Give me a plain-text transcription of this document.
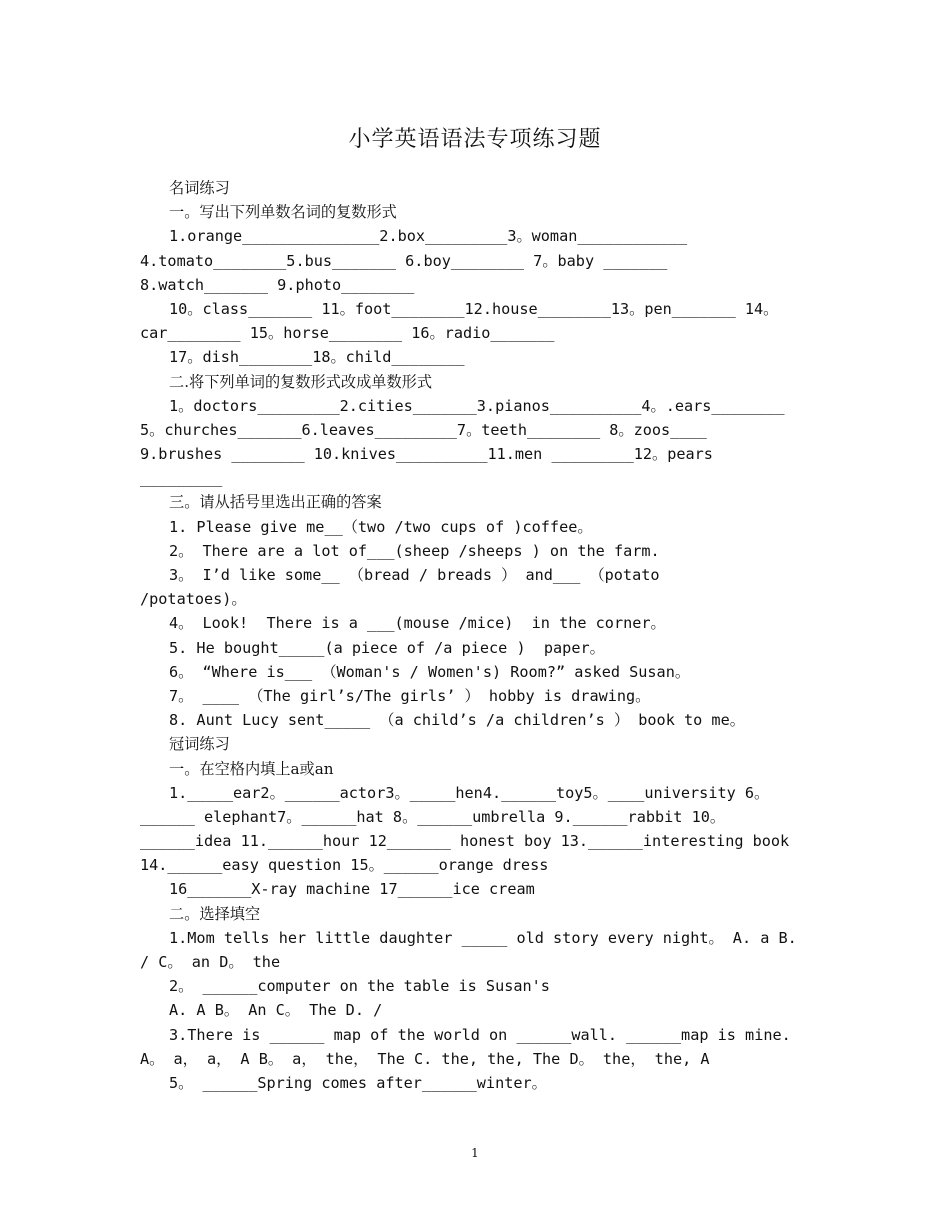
小学英语语法专项练习题
名词练习
一。写出下列单数名词的复数形式
1.orange_______________2.box_________3。woman____________
4.tomato________5.bus_______ 6.boy________ 7。baby _______
8.watch_______ 9.photo________
10。class_______ 11。foot________12.house________13。pen_______ 14。
car________ 15。horse________ 16。radio_______
17。dish________18。child________
二.将下列单词的复数形式改成单数形式
1。doctors_________2.cities_______3.pianos__________4。.ears________
5。churches_______6.leaves_________7。teeth________ 8。zoos____
9.brushes ________ 10.knives__________11.men _________12。pears
_________
三。请从括号里选出正确的答案
1. Please give me__（two /two cups of )coffee。
2。 There are a lot of___(sheep /sheeps ) on the farm.
3。 I’d like some__ （bread / breads ） and___ （potato
/potatoes)。
4。 Look!  There is a ___(mouse /mice)  in the corner。
5. He bought_____(a piece of /a piece )  paper。
6。 “Where is___ （Woman's / Women's) Room?” asked Susan。
7。 ____ （The girl’s/The girls’ ） hobby is drawing。
8. Aunt Lucy sent_____ （a child’s /a children’s ） book to me。
冠词练习
一。在空格内填上a或an
1._____ear2。______actor3。_____hen4.______toy5。____university 6。
______ elephant7。______hat 8。______umbrella 9.______rabbit 10。
______idea 11.______hour 12_______ honest boy 13.______interesting book
14.______easy question 15。______orange dress
16_______X-ray machine 17______ice cream
二。选择填空
1.Mom tells her little daughter _____ old story every night。 A. a B.
/ C。 an D。 the
2。 ______computer on the table is Susan's
A. A B。 An C。 The D. /
3.There is ______ map of the world on ______wall. ______map is mine.
A。 a， a， A B。 a， the， The C. the, the, The D。 the， the, A
5。 ______Spring comes after______winter。
1
